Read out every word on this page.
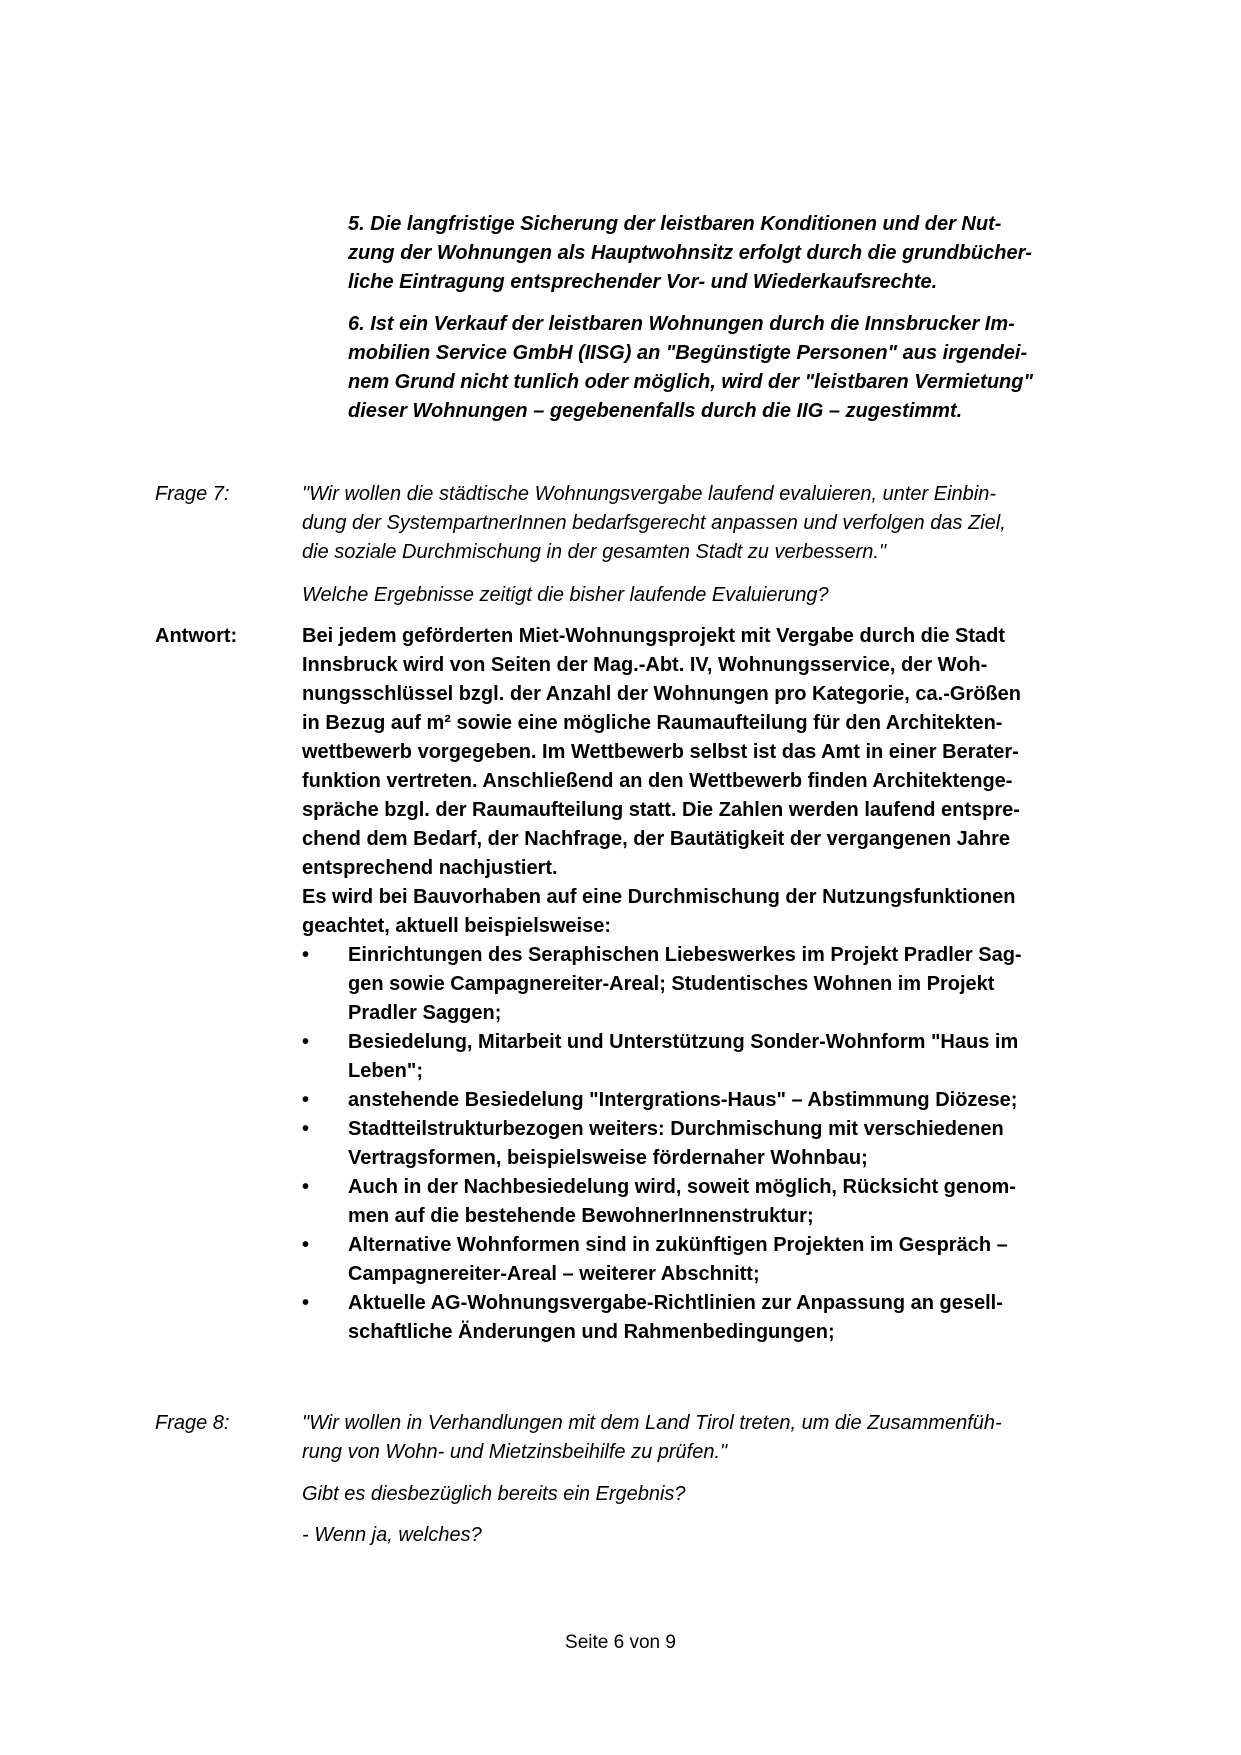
5. Die langfristige Sicherung der leistbaren Konditionen und der Nut-
zung der Wohnungen als Hauptwohnsitz erfolgt durch die grundbücher-
liche Eintragung entsprechender Vor- und Wiederkaufsrechte.
6. Ist ein Verkauf der leistbaren Wohnungen durch die Innsbrucker Im-
mobilien Service GmbH (IISG) an "Begünstigte Personen" aus irgendei-
nem Grund nicht tunlich oder möglich, wird der "leistbaren Vermietung"
dieser Wohnungen – gegebenenfalls durch die IIG – zugestimmt.
Frage 7:	"Wir wollen die städtische Wohnungsvergabe laufend evaluieren, unter Einbin-
dung der SystempartnerInnen bedarfsgerecht anpassen und verfolgen das Ziel,
die soziale Durchmischung in der gesamten Stadt zu verbessern."
Welche Ergebnisse zeitigt die bisher laufende Evaluierung?
Antwort:	Bei jedem geförderten Miet-Wohnungsprojekt mit Vergabe durch die Stadt
Innsbruck wird von Seiten der Mag.-Abt. IV, Wohnungsservice, der Woh-
nungsschlüssel bzgl. der Anzahl der Wohnungen pro Kategorie, ca.-Größen
in Bezug auf m² sowie eine mögliche Raumaufteilung für den Architekten-
wettbewerb vorgegeben. Im Wettbewerb selbst ist das Amt in einer Berater-
funktion vertreten. Anschließend an den Wettbewerb finden Architektenge-
spräche bzgl. der Raumaufteilung statt. Die Zahlen werden laufend entspre-
chend dem Bedarf, der Nachfrage, der Bautätigkeit der vergangenen Jahre
entsprechend nachjustiert.
Es wird bei Bauvorhaben auf eine Durchmischung der Nutzungsfunktionen
geachtet, aktuell beispielsweise:
• Einrichtungen des Seraphischen Liebeswerkes im Projekt Pradler Sag-
gen sowie Campagnereiter-Areal; Studentisches Wohnen im Projekt
Pradler Saggen;
• Besiedelung, Mitarbeit und Unterstützung Sonder-Wohnform "Haus im
Leben";
• anstehende Besiedelung "Intergrations-Haus" – Abstimmung Diözese;
• Stadtteilstrukturbezogen weiters: Durchmischung mit verschiedenen
Vertragsformen, beispielsweise fördernaher Wohnbau;
• Auch in der Nachbesiedelung wird, soweit möglich, Rücksicht genom-
men auf die bestehende BewohnerInnenstruktur;
• Alternative Wohnformen sind in zukünftigen Projekten im Gespräch –
Campagnereiter-Areal – weiterer Abschnitt;
• Aktuelle AG-Wohnungsvergabe-Richtlinien zur Anpassung an gesell-
schaftliche Änderungen und Rahmenbedingungen;
Frage 8:	"Wir wollen in Verhandlungen mit dem Land Tirol treten, um die Zusammenfüh-
rung von Wohn- und Mietzinsbeihilfe zu prüfen."
Gibt es diesbezüglich bereits ein Ergebnis?
- Wenn ja, welches?
Seite 6 von 9
